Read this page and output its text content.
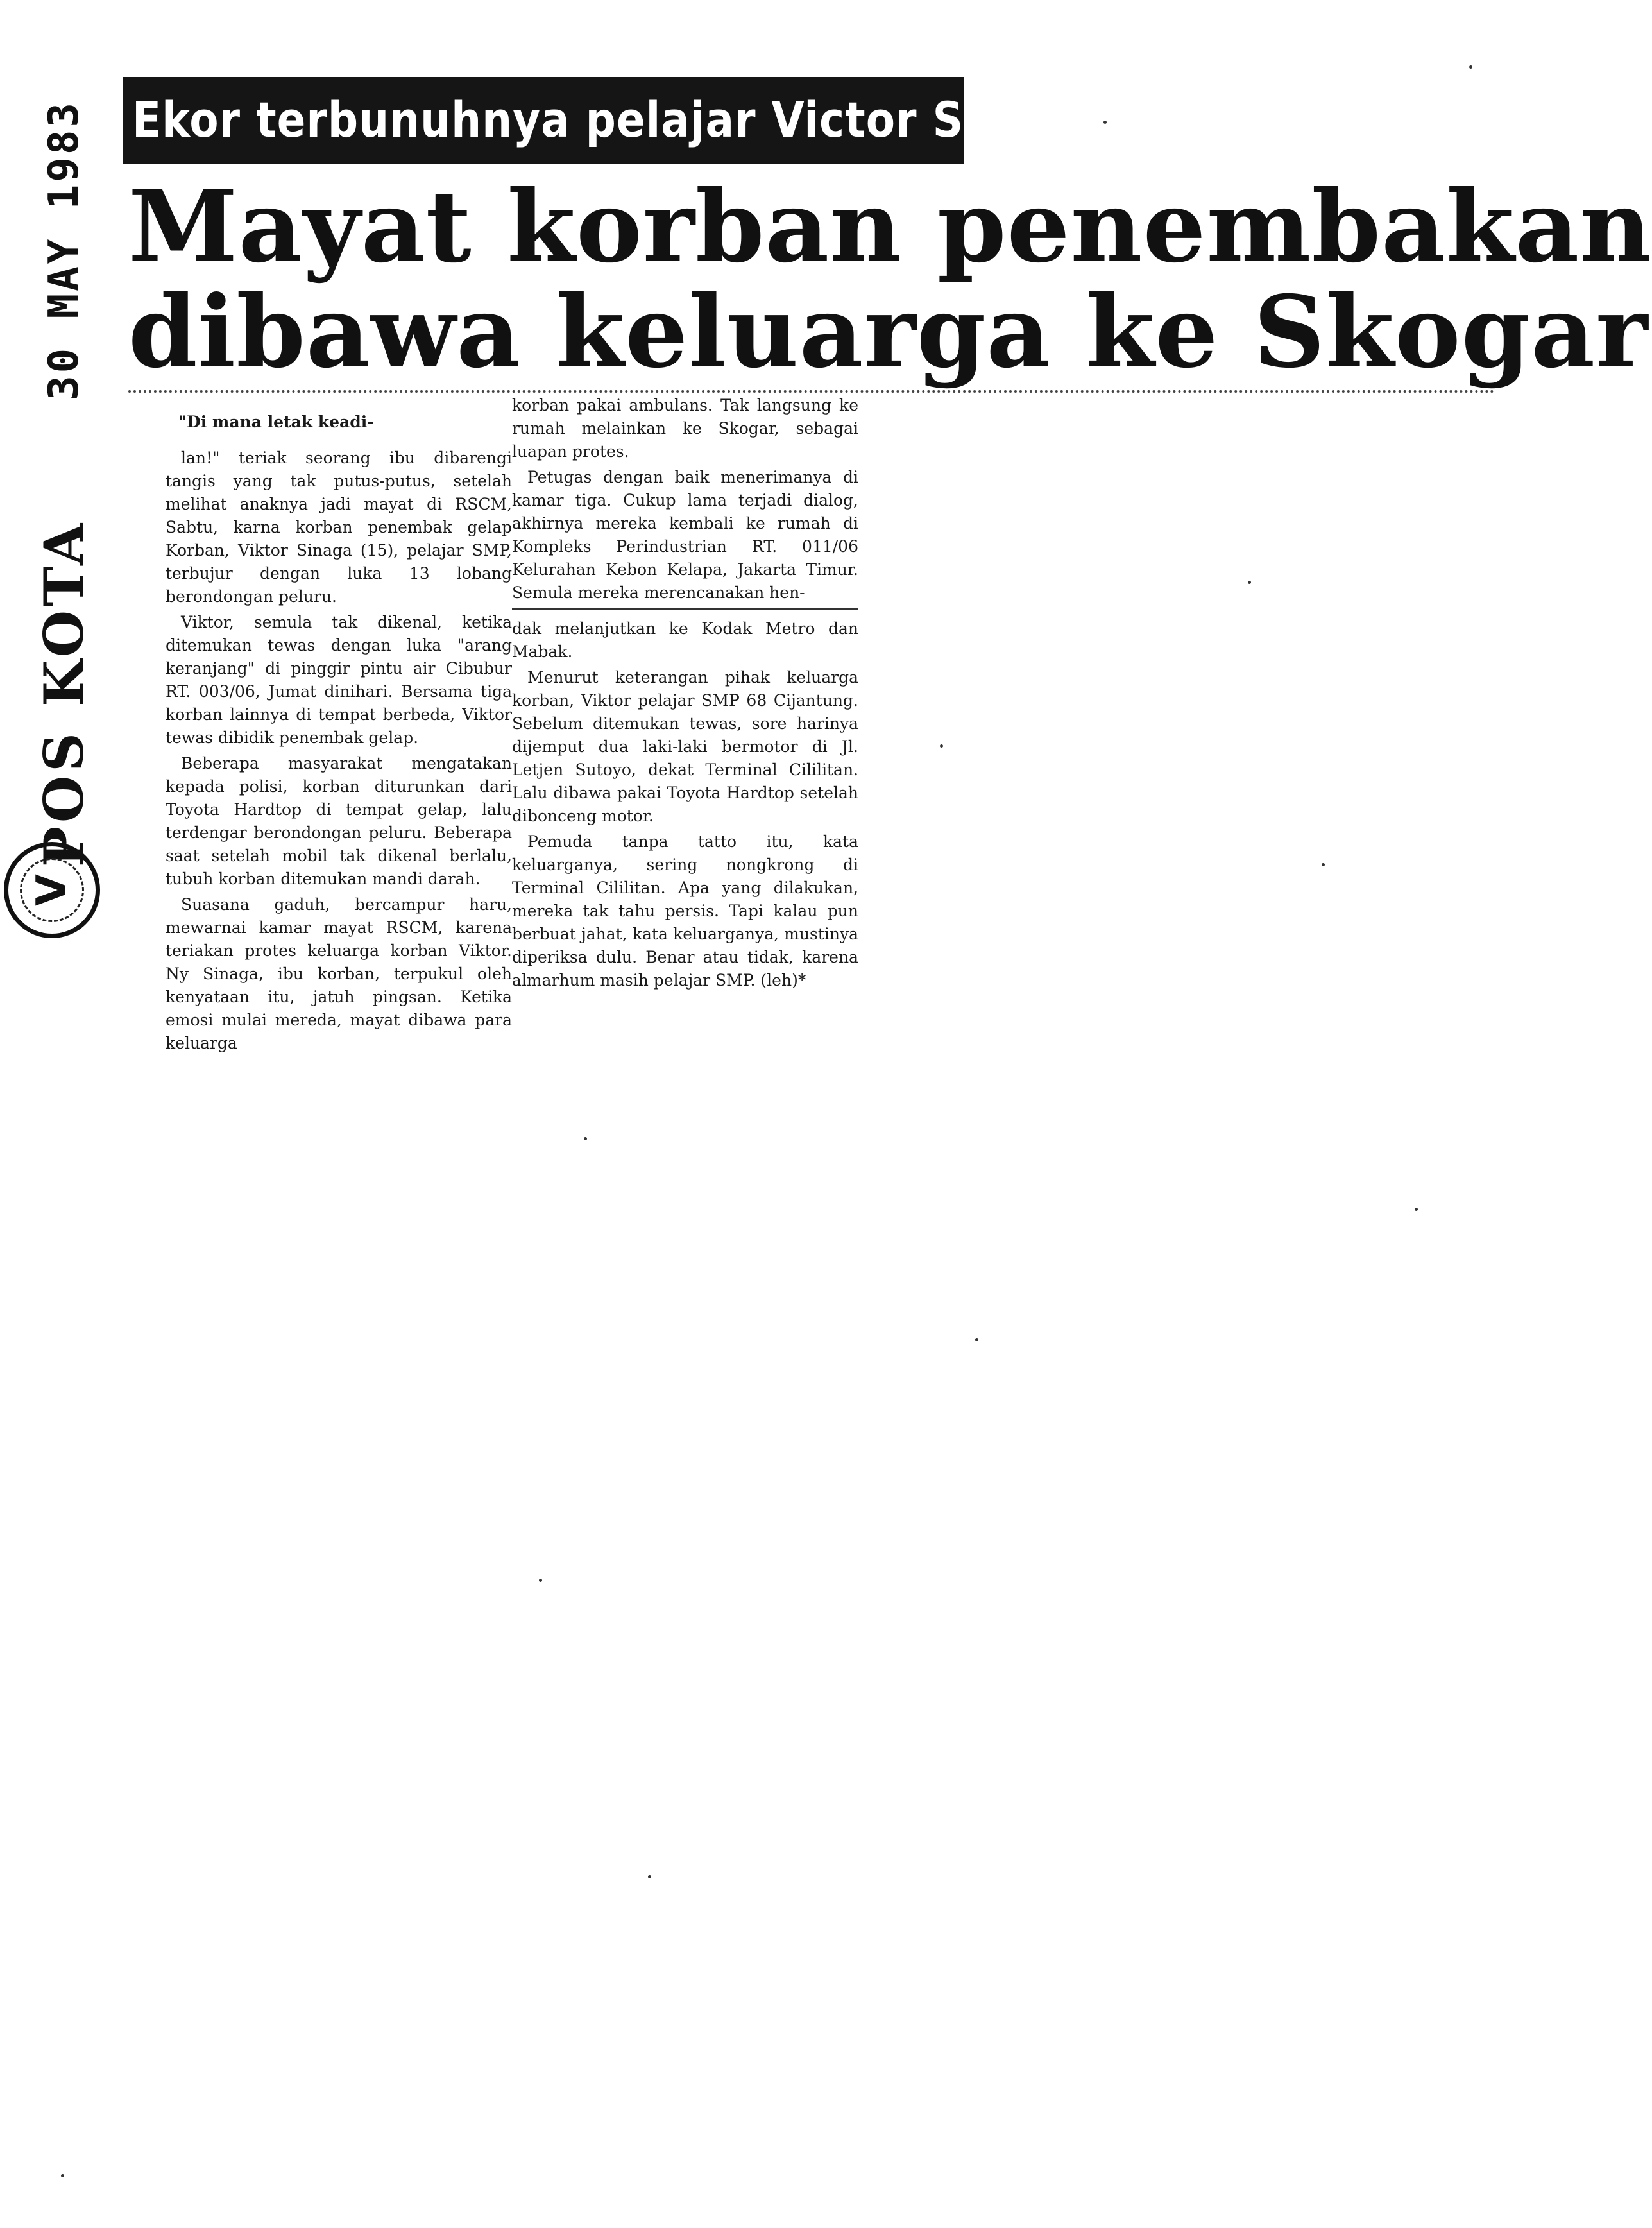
30 MAY 1983
POS KOTA
V
Ekor terbunuhnya pelajar Victor Sinaga
Mayat korban penembakan
dibawa keluarga ke Skogar
"Di mana letak keadi-

lan!" teriak seorang ibu dibarengi tangis yang tak putus-putus, setelah melihat anaknya jadi mayat di RSCM, Sabtu, karna korban penembak gelap Korban, Viktor Sinaga (15), pelajar SMP, terbujur dengan luka 13 lobang berondongan peluru.

Viktor, semula tak dikenal, ketika ditemukan tewas dengan luka "arang keranjang" di pinggir pintu air Cibubur RT. 003/06, Jumat dinihari. Bersama tiga korban lainnya di tempat berbeda, Viktor tewas dibidik penembak gelap.

Beberapa masyarakat mengatakan kepada polisi, korban diturunkan dari Toyota Hardtop di tempat gelap, lalu terdengar berondongan peluru. Beberapa saat setelah mobil tak dikenal berlalu, tubuh korban ditemukan mandi darah.

Suasana gaduh, bercampur haru, mewarnai kamar mayat RSCM, karena teriakan protes keluarga korban Viktor. Ny Sinaga, ibu korban, terpukul oleh kenyataan itu, jatuh pingsan. Ketika emosi mulai mereda, mayat dibawa para keluarga

korban pakai ambulans. Tak langsung ke rumah melainkan ke Skogar, sebagai luapan protes.

Petugas dengan baik menerimanya di kamar tiga. Cukup lama terjadi dialog, akhirnya mereka kembali ke rumah di Kompleks Perindustrian RT. 011/06 Kelurahan Kebon Kelapa, Jakarta Timur. Semula mereka merencanakan hen-

dak melanjutkan ke Kodak Metro dan Mabak.

Menurut keterangan pihak keluarga korban, Viktor pelajar SMP 68 Cijantung. Sebelum ditemukan tewas, sore harinya dijemput dua laki-laki bermotor di Jl. Letjen Sutoyo, dekat Terminal Cililitan. Lalu dibawa pakai Toyota Hardtop setelah dibonceng motor.

Pemuda tanpa tatto itu, kata keluarganya, sering nongkrong di Terminal Cililitan. Apa yang dilakukan, mereka tak tahu persis. Tapi kalau pun berbuat jahat, kata keluarganya, mustinya diperiksa dulu. Benar atau tidak, karena almarhum masih pelajar SMP. (leh)*
